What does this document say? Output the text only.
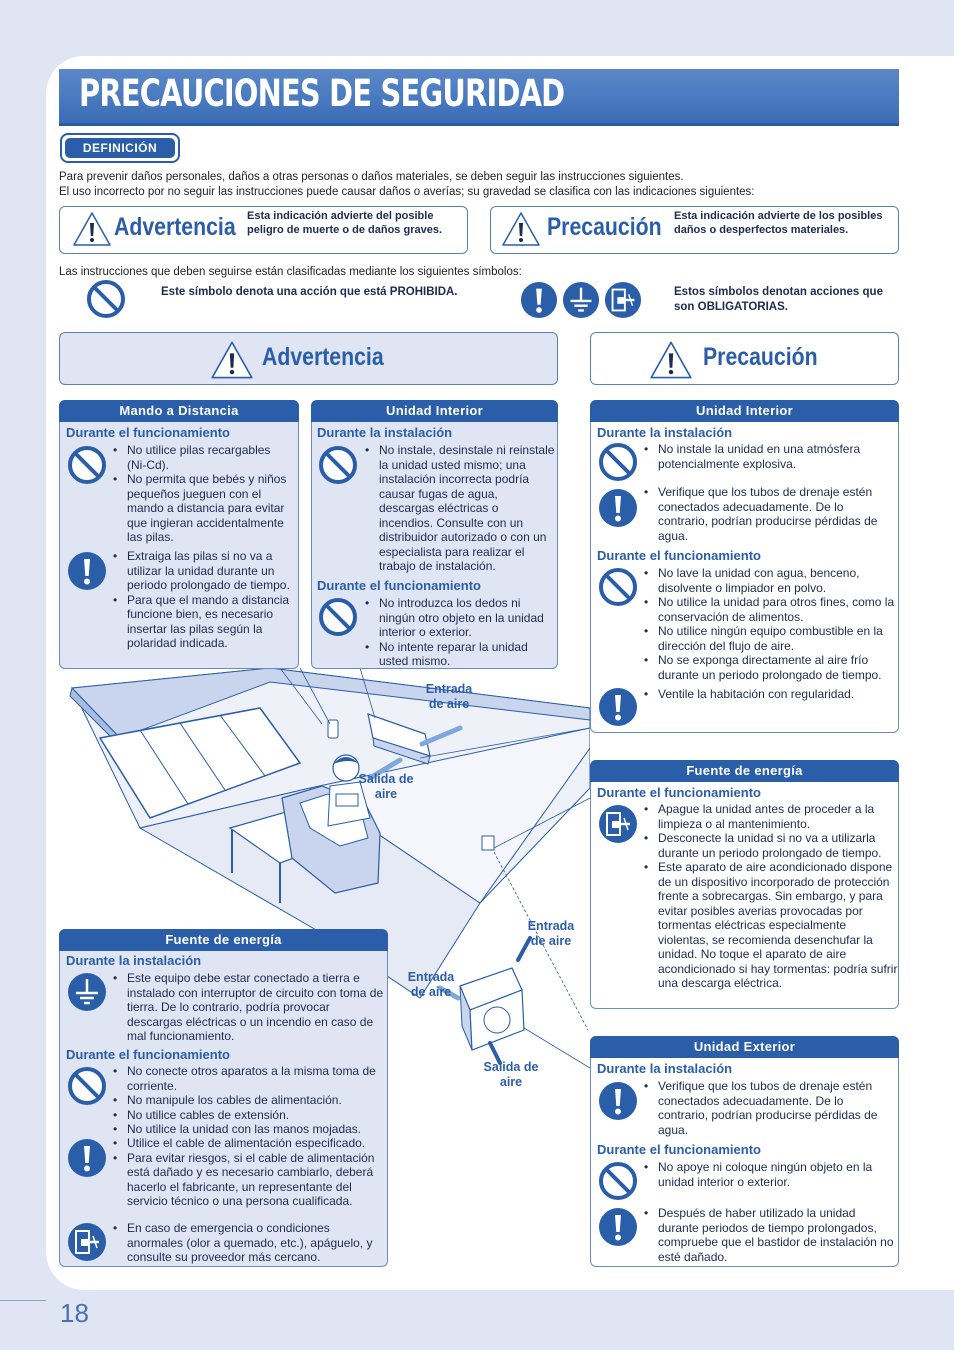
PRECAUCIONES DE SEGURIDAD
DEFINICIÓN
Para prevenir daños personales, daños a otras personas o daños materiales, se deben seguir las instrucciones siguientes.
El uso incorrecto por no seguir las instrucciones puede causar daños o averías; su gravedad se clasifica con las indicaciones siguientes:
Advertencia Esta indicación advierte del posible peligro de muerte o de daños graves.	Precaución Esta indicación advierte de los posibles daños o desperfectos materiales.
Las instrucciones que deben seguirse están clasificadas mediante los siguientes símbolos:
Este símbolo denota una acción que está PROHIBIDA.	Estos símbolos denotan acciones que son OBLIGATORIAS.
Advertencia	Precaución
Entrada de aire
Salida de aire
Entrada de aire
Entrada de aire
Salida de aire
Mando a Distancia
Durante el funcionamiento
• No utilice pilas recargables (Ni-Cd).
• No permita que bebés y niños pequeños jueguen con el mando a distancia para evitar que ingieran accidentalmente las pilas.
• Extraiga las pilas si no va a utilizar la unidad durante un periodo prolongado de tiempo.
• Para que el mando a distancia funcione bien, es necesario insertar las pilas según la polaridad indicada.
Unidad Interior
Durante la instalación
• No instale, desinstale ni reinstale la unidad usted mismo; una instalación incorrecta podría causar fugas de agua, descargas eléctricas o incendios. Consulte con un distribuidor autorizado o con un especialista para realizar el trabajo de instalación.
Durante el funcionamiento
• No introduzca los dedos ni ningún otro objeto en la unidad interior o exterior.
• No intente reparar la unidad usted mismo.
Fuente de energía
Durante la instalación
• Este equipo debe estar conectado a tierra e instalado con interruptor de circuito con toma de tierra. De lo contrario, podría provocar descargas eléctricas o un incendio en caso de mal funcionamiento.
Durante el funcionamiento
• No conecte otros aparatos a la misma toma de corriente.
• No manipule los cables de alimentación.
• No utilice cables de extensión.
• No utilice la unidad con las manos mojadas.
• Utilice el cable de alimentación especificado.
• Para evitar riesgos, si el cable de alimentación está dañado y es necesario cambiarlo, deberá hacerlo el fabricante, un representante del servicio técnico o una persona cualificada.
• En caso de emergencia o condiciones anormales (olor a quemado, etc.), apáguelo, y consulte su proveedor más cercano.
Unidad Interior
Durante la instalación
• No instale la unidad en una atmósfera potencialmente explosiva.
• Verifique que los tubos de drenaje estén conectados adecuadamente. De lo contrario, podrían producirse pérdidas de agua.
Durante el funcionamiento
• No lave la unidad con agua, benceno, disolvente o limpiador en polvo.
• No utilice la unidad para otros fines, como la conservación de alimentos.
• No utilice ningún equipo combustible en la dirección del flujo de aire.
• No se exponga directamente al aire frío durante un periodo prolongado de tiempo.
• Ventile la habitación con regularidad.
Fuente de energía
Durante el funcionamiento
• Apague la unidad antes de proceder a la limpieza o al mantenimiento.
• Desconecte la unidad si no va a utilizarla durante un periodo prolongado de tiempo.
• Este aparato de aire acondicionado dispone de un dispositivo incorporado de protección frente a sobrecargas. Sin embargo, y para evitar posibles averias provocadas por tormentas eléctricas especialmente violentas, se recomienda desenchufar la unidad. No toque el aparato de aire acondicionado si hay tormentas: podría sufrir una descarga eléctrica.
Unidad Exterior
Durante la instalación
• Verifique que los tubos de drenaje estén conectados adecuadamente. De lo contrario, podrían producirse pérdidas de agua.
Durante el funcionamiento
• No apoye ni coloque ningún objeto en la unidad interior o exterior.
• Después de haber utilizado la unidad durante periodos de tiempo prolongados, compruebe que el bastidor de instalación no esté dañado.
18
